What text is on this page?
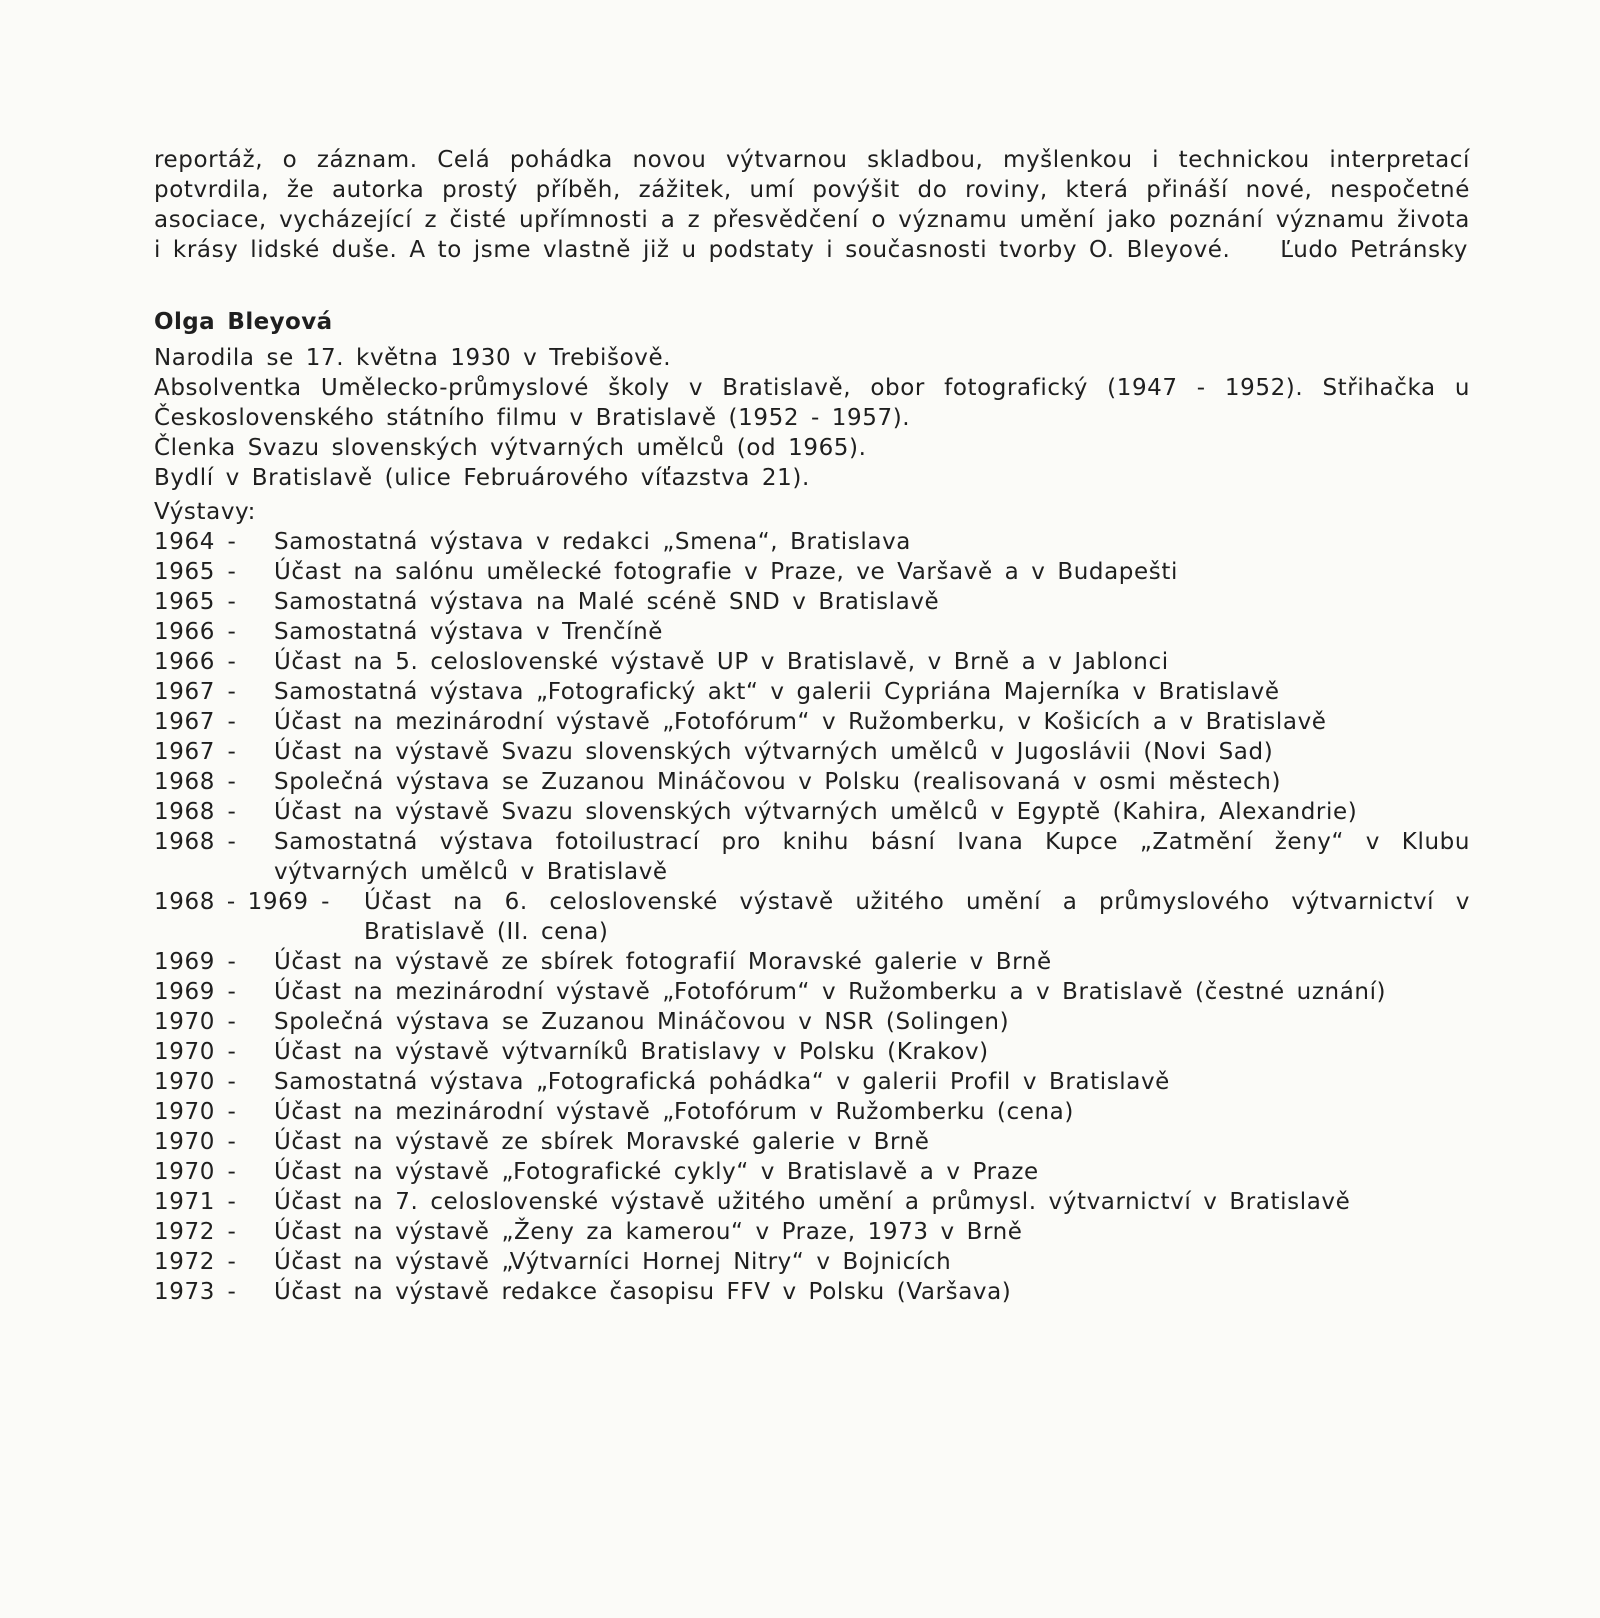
reportáž, o záznam. Celá pohádka novou výtvarnou skladbou, myšlenkou i technickou interpretací potvrdila, že autorka prostý příběh, zážitek, umí povýšit do roviny, která přináší nové, nespočetné asociace, vycházející z čisté upřímnosti a z přesvědčení o významu umění jako poznání významu života i krásy lidské duše. A to jsme vlastně již u podstaty i současnosti tvorby O. Bleyové.	Ľudo Petránsky
Olga Bleyová

Narodila se 17. května 1930 v Trebišově.

Absolventka Umělecko-průmyslové školy v Bratislavě, obor fotografický (1947 - 1952). Střihačka u Československého státního filmu v Bratislavě (1952 - 1957).

Členka Svazu slovenských výtvarných umělců (od 1965).

Bydlí v Bratislavě (ulice Februárového víťazstva 21).

Výstavy:

1964 -	Samostatná výstava v redakci „Smena“, Bratislava
1965 -	Účast na salónu umělecké fotografie v Praze, ve Varšavě a v Budapešti
1965 -	Samostatná výstava na Malé scéně SND v Bratislavě
1966 -	Samostatná výstava v Trenčíně
1966 -	Účast na 5. celoslovenské výstavě UP v Bratislavě, v Brně a v Jablonci
1967 -	Samostatná výstava „Fotografický akt“ v galerii Cypriána Majerníka v Bratislavě
1967 -	Účast na mezinárodní výstavě „Fotofórum“ v Ružomberku, v Košicích a v Bratislavě
1967 -	Účast na výstavě Svazu slovenských výtvarných umělců v Jugoslávii (Novi Sad)
1968 -	Společná výstava se Zuzanou Mináčovou v Polsku (realisovaná v osmi městech)
1968 -	Účast na výstavě Svazu slovenských výtvarných umělců v Egyptě (Kahira, Alexandrie)
1968 -	Samostatná výstava fotoilustrací pro knihu básní Ivana Kupce „Zatmění ženy“ v Klubu výtvarných umělců v Bratislavě
1968 - 1969 -	Účast na 6. celoslovenské výstavě užitého umění a průmyslového výtvarnictví v Bratislavě (II. cena)
1969 -	Účast na výstavě ze sbírek fotografií Moravské galerie v Brně
1969 -	Účast na mezinárodní výstavě „Fotofórum“ v Ružomberku a v Bratislavě (čestné uznání)
1970 -	Společná výstava se Zuzanou Mináčovou v NSR (Solingen)
1970 -	Účast na výstavě výtvarníků Bratislavy v Polsku (Krakov)
1970 -	Samostatná výstava „Fotografická pohádka“ v galerii Profil v Bratislavě
1970 -	Účast na mezinárodní výstavě „Fotofórum v Ružomberku (cena)
1970 -	Účast na výstavě ze sbírek Moravské galerie v Brně
1970 -	Účast na výstavě „Fotografické cykly“ v Bratislavě a v Praze
1971 -	Účast na 7. celoslovenské výstavě užitého umění a průmysl. výtvarnictví v Bratislavě
1972 -	Účast na výstavě „Ženy za kamerou“ v Praze, 1973 v Brně
1972 -	Účast na výstavě „Výtvarníci Hornej Nitry“ v Bojnicích
1973 -	Účast na výstavě redakce časopisu FFV v Polsku (Varšava)
